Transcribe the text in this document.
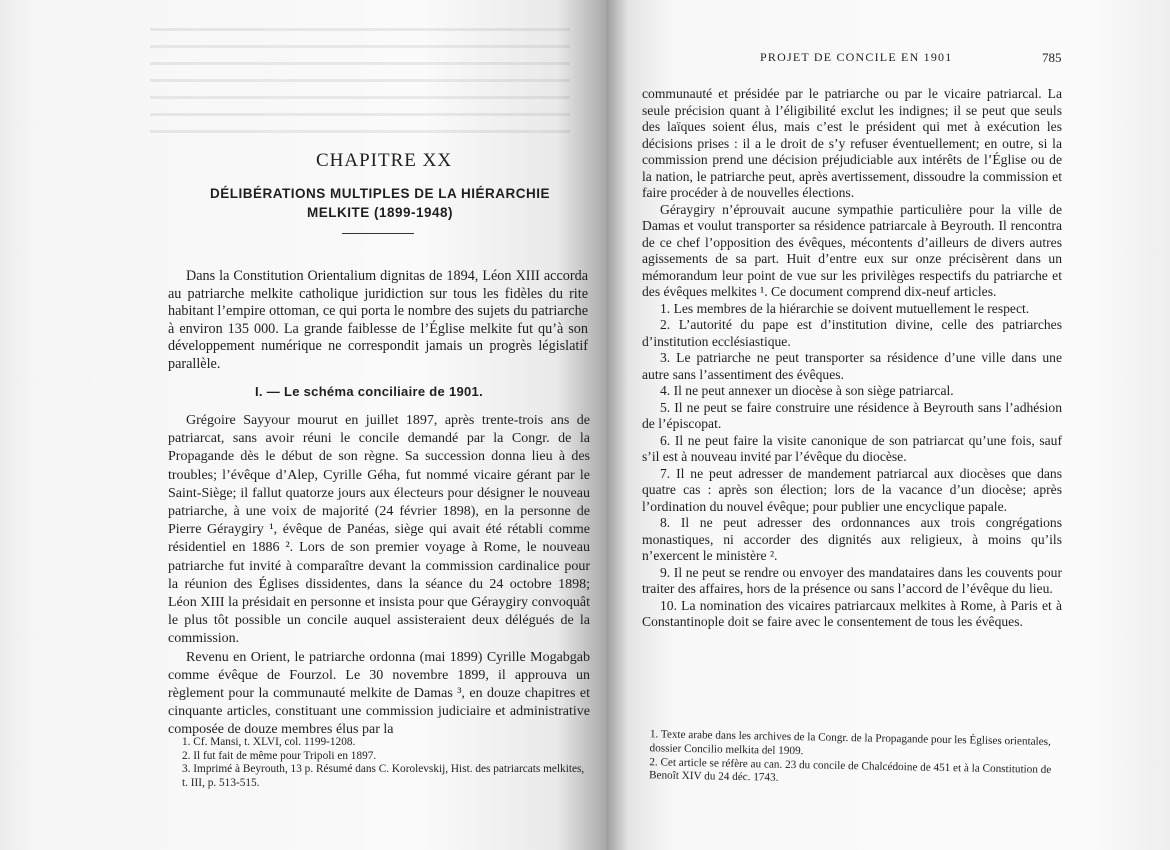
CHAPITRE XX
DÉLIBÉRATIONS MULTIPLES DE LA HIÉRARCHIE MELKITE (1899-1948)

Dans la Constitution Orientalium dignitas de 1894, Léon XIII accorda au patriarche melkite catholique juridiction sur tous les fidèles du rite habitant l’empire ottoman, ce qui porta le nombre des sujets du patriarche à environ 135 000. La grande faiblesse de l’Église melkite fut qu’à son développement numérique ne correspondit jamais un progrès législatif parallèle.

I. — Le schéma conciliaire de 1901.

Grégoire Sayyour mourut en juillet 1897, après trente-trois ans de patriarcat, sans avoir réuni le concile demandé par la Congr. de la Propagande dès le début de son règne. Sa succession donna lieu à des troubles; l’évêque d’Alep, Cyrille Géha, fut nommé vicaire gérant par le Saint-Siège; il fallut quatorze jours aux électeurs pour désigner le nouveau patriarche, à une voix de majorité (24 février 1898), en la personne de Pierre Géraygiry ¹, évêque de Panéas, siège qui avait été rétabli comme résidentiel en 1886 ². Lors de son premier voyage à Rome, le nouveau patriarche fut invité à comparaître devant la commission cardinalice pour la réunion des Églises dissidentes, dans la séance du 24 octobre 1898; Léon XIII la présidait en personne et insista pour que Géraygiry convoquât le plus tôt possible un concile auquel assisteraient deux délégués de la commission.

Revenu en Orient, le patriarche ordonna (mai 1899) Cyrille Mogabgab comme évêque de Fourzol. Le 30 novembre 1899, il approuva un règlement pour la communauté melkite de Damas ³, en douze chapitres et cinquante articles, constituant une commission judiciaire et administrative composée de douze membres élus par la

1. Cf. Mansi, t. XLVI, col. 1199-1208.

2. Il fut fait de même pour Tripoli en 1897.

3. Imprimé à Beyrouth, 13 p. Résumé dans C. Korolevskij, Hist. des patriarcats melkites, t. III, p. 513-515.

PROJET DE CONCILE EN 1901	785

communauté et présidée par le patriarche ou par le vicaire patriarcal. La seule précision quant à l’éligibilité exclut les indignes; il se peut que seuls des laïques soient élus, mais c’est le président qui met à exécution les décisions prises : il a le droit de s’y refuser éventuellement; en outre, si la commission prend une décision préjudiciable aux intérêts de l’Église ou de la nation, le patriarche peut, après avertissement, dissoudre la commission et faire procéder à de nouvelles élections.

Géraygiry n’éprouvait aucune sympathie particulière pour la ville de Damas et voulut transporter sa résidence patriarcale à Beyrouth. Il rencontra de ce chef l’opposition des évêques, mécontents d’ailleurs de divers autres agissements de sa part. Huit d’entre eux sur onze précisèrent dans un mémorandum leur point de vue sur les privilèges respectifs du patriarche et des évêques melkites ¹. Ce document comprend dix-neuf articles.

1. Les membres de la hiérarchie se doivent mutuellement le respect.

2. L’autorité du pape est d’institution divine, celle des patriarches d’institution ecclésiastique.

3. Le patriarche ne peut transporter sa résidence d’une ville dans une autre sans l’assentiment des évêques.

4. Il ne peut annexer un diocèse à son siège patriarcal.

5. Il ne peut se faire construire une résidence à Beyrouth sans l’adhésion de l’épiscopat.

6. Il ne peut faire la visite canonique de son patriarcat qu’une fois, sauf s’il est à nouveau invité par l’évêque du diocèse.

7. Il ne peut adresser de mandement patriarcal aux diocèses que dans quatre cas : après son élection; lors de la vacance d’un diocèse; après l’ordination du nouvel évêque; pour publier une encyclique papale.

8. Il ne peut adresser des ordonnances aux trois congrégations monastiques, ni accorder des dignités aux religieux, à moins qu’ils n’exercent le ministère ².

9. Il ne peut se rendre ou envoyer des mandataires dans les couvents pour traiter des affaires, hors de la présence ou sans l’accord de l’évêque du lieu.

10. La nomination des vicaires patriarcaux melkites à Rome, à Paris et à Constantinople doit se faire avec le consentement de tous les évêques.

1. Texte arabe dans les archives de la Congr. de la Propagande pour les Églises orientales, dossier Concilio melkita del 1909.

2. Cet article se réfère au can. 23 du concile de Chalcédoine de 451 et à la Constitution de Benoît XIV du 24 déc. 1743.
